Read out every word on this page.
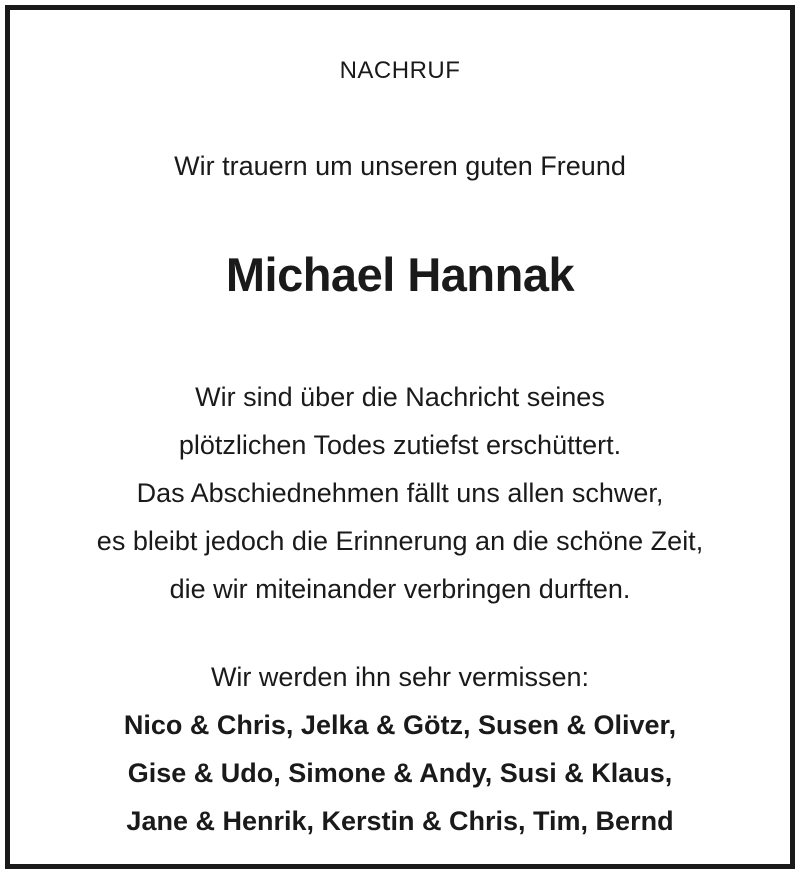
NACHRUF
Wir trauern um unseren guten Freund
Michael Hannak
Wir sind über die Nachricht seines
plötzlichen Todes zutiefst erschüttert.
Das Abschiednehmen fällt uns allen schwer,
es bleibt jedoch die Erinnerung an die schöne Zeit,
die wir miteinander verbringen durften.
Wir werden ihn sehr vermissen:
Nico & Chris, Jelka & Götz, Susen & Oliver,
Gise & Udo, Simone & Andy, Susi & Klaus,
Jane & Henrik, Kerstin & Chris, Tim, Bernd
